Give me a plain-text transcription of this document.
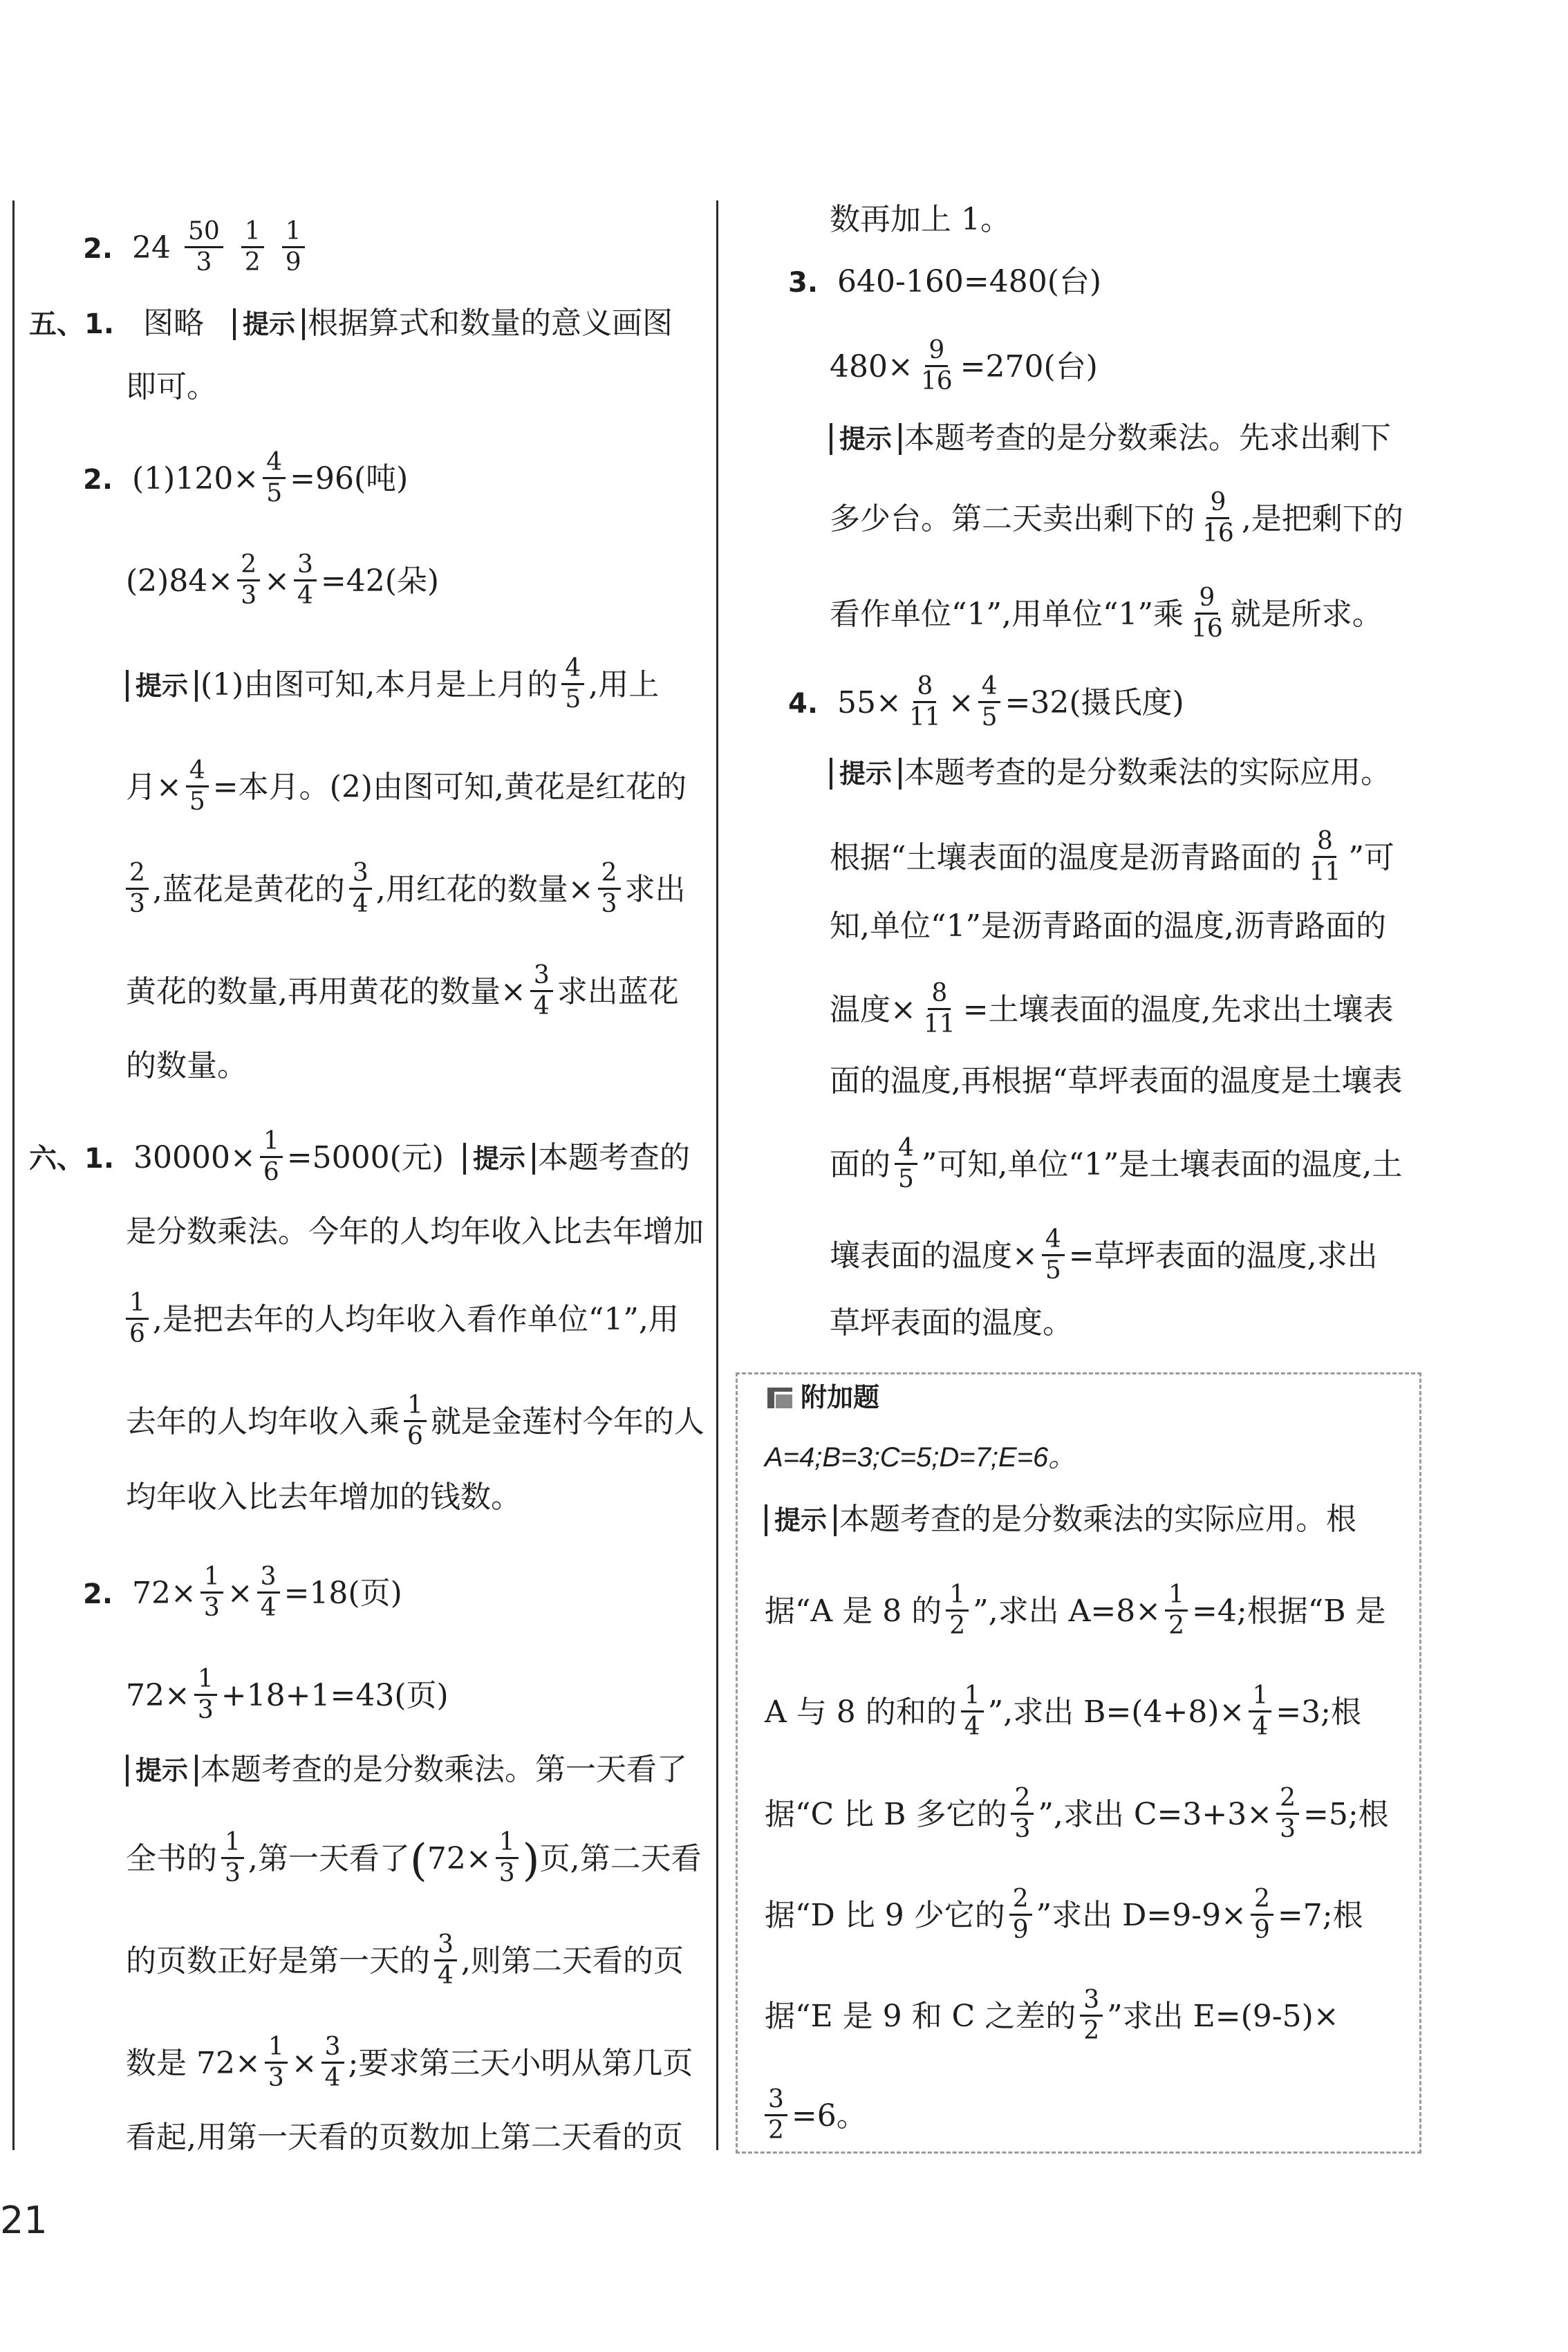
2. $24 \frac{50}{3}$
$\frac{1}{2}$
$\frac{1}{9}$
五、1. 图略 提示 根据算式和数量的意义画图
即可。
2. $(1)120\times \frac{4}{5} =96$(吨)
$(2)84\times \frac{2}{3} \times \frac{3}{4} =42$(朵)
提示 (1)由图可知,本月是上月的 $\frac{4}{5}$ ,用上
月× $\frac{4}{5}$ =本月。(2)由图可知,黄花是红花的
$\frac{2}{3}$ ,蓝花是黄花的 $\frac{3}{4}$ ,用红花的数量× $\frac{2}{3}$ 求出
黄花的数量,再用黄花的数量× $\frac{3}{4}$ 求出蓝花
的数量。
六、1. $30000\times \frac{1}{6} =5000$(元) 提示 本题考查的
是分数乘法。今年的人均年收入比去年增加
$\frac{1}{6}$ ,是把去年的人均年收入看作单位“1”,用
去年的人均年收入乘 $\frac{1}{6}$ 就是金莲村今年的人
均年收入比去年增加的钱数。
2. $72\times \frac{1}{3} \times \frac{3}{4} =18$(页)
$72\times \frac{1}{3} +18+1=43$(页)
提示 本题考查的是分数乘法。第一天看了
全书的 $\frac{1}{3}$ ,第一天看了($72\times \frac{1}{3}$ )页,第二天看
的页数正好是第一天的 $\frac{3}{4}$ ,则第二天看的页
数是 $72\times \frac{1}{3} \times \frac{3}{4}$ ;要求第三天小明从第几页
看起,用第一天看的页数加上第二天看的页
数再加上 1。
3. 640-160=480(台)
$480\times \frac{9}{16} =270$(台)
提示 本题考查的是分数乘法。先求出剩下
多少台。第二天卖出剩下的 $\frac{9}{16}$ ,是把剩下的
看作单位“1”,用单位“1”乘 $\frac{9}{16}$ 就是所求。
4. $55\times \frac{8}{11} \times \frac{4}{5} =32$(摄氏度)
提示 本题考查的是分数乘法的实际应用。
根据“土壤表面的温度是沥青路面的 $\frac{8}{11}$ ”可
知,单位“1”是沥青路面的温度,沥青路面的
温度× $\frac{8}{11}$ =土壤表面的温度,先求出土壤表
面的温度,再根据“草坪表面的温度是土壤表
面的 $\frac{4}{5}$ ”可知,单位“1”是土壤表面的温度,土
壤表面的温度× $\frac{4}{5}$ =草坪表面的温度,求出
草坪表面的温度。
附加题
A=4;B=3;C=5;D=7;E=6。
提示 本题考查的是分数乘法的实际应用。根
据“A 是 8 的 $\frac{1}{2}$ ”,求出 $A=8\times \frac{1}{2} =4$;根据“B 是
A 与 8 的和的 $\frac{1}{4}$ ”,求出 $B=(4+8)\times \frac{1}{4} =3$;根
据“C 比 B 多它的 $\frac{2}{3}$ ”,求出 $C=3+3\times \frac{2}{3} =5$;根
据“D 比 9 少它的 $\frac{2}{9}$ ”求出 $D=9-9\times \frac{2}{9} =7$;根
据“E 是 9 和 C 之差的 $\frac{3}{2}$ ”求出 E=(9-5)×
$\frac{3}{2} =6$。
21
